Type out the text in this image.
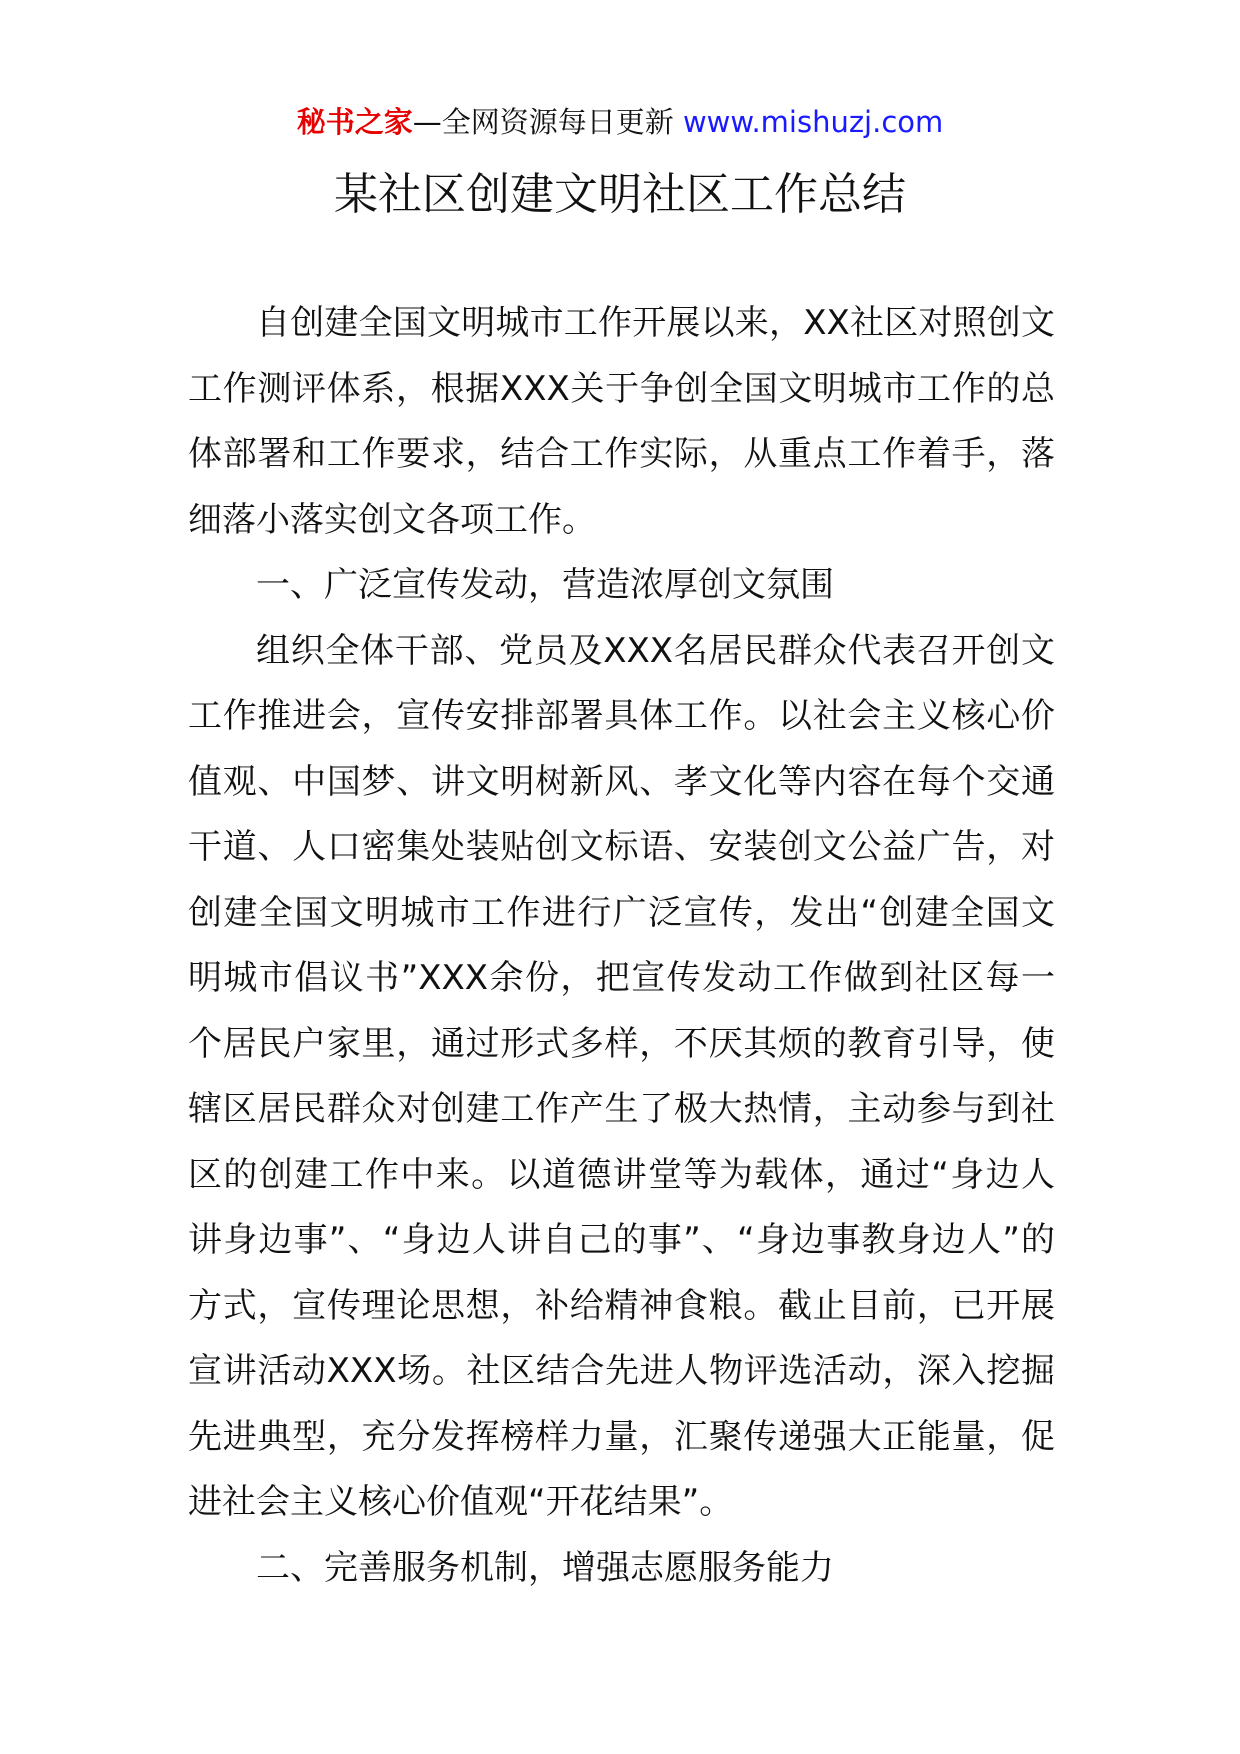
秘书之家—全网资源每日更新 www.mishuzj.com
某社区创建文明社区工作总结

自创建全国文明城市工作开展以来，XX社区对照创文工作测评体系，根据XXX关于争创全国文明城市工作的总体部署和工作要求，结合工作实际，从重点工作着手，落细落小落实创文各项工作。

一、广泛宣传发动，营造浓厚创文氛围

组织全体干部、党员及XXX名居民群众代表召开创文工作推进会，宣传安排部署具体工作。以社会主义核心价值观、中国梦、讲文明树新风、孝文化等内容在每个交通干道、人口密集处装贴创文标语、安装创文公益广告，对创建全国文明城市工作进行广泛宣传，发出“创建全国文明城市倡议书”XXX余份，把宣传发动工作做到社区每一个居民户家里，通过形式多样，不厌其烦的教育引导，使辖区居民群众对创建工作产生了极大热情，主动参与到社区的创建工作中来。以道德讲堂等为载体，通过“身边人讲身边事”、“身边人讲自己的事”、“身边事教身边人”的方式，宣传理论思想，补给精神食粮。截止目前，已开展宣讲活动XXX场。社区结合先进人物评选活动，深入挖掘先进典型，充分发挥榜样力量，汇聚传递强大正能量，促进社会主义核心价值观“开花结果”。

二、完善服务机制，增强志愿服务能力
